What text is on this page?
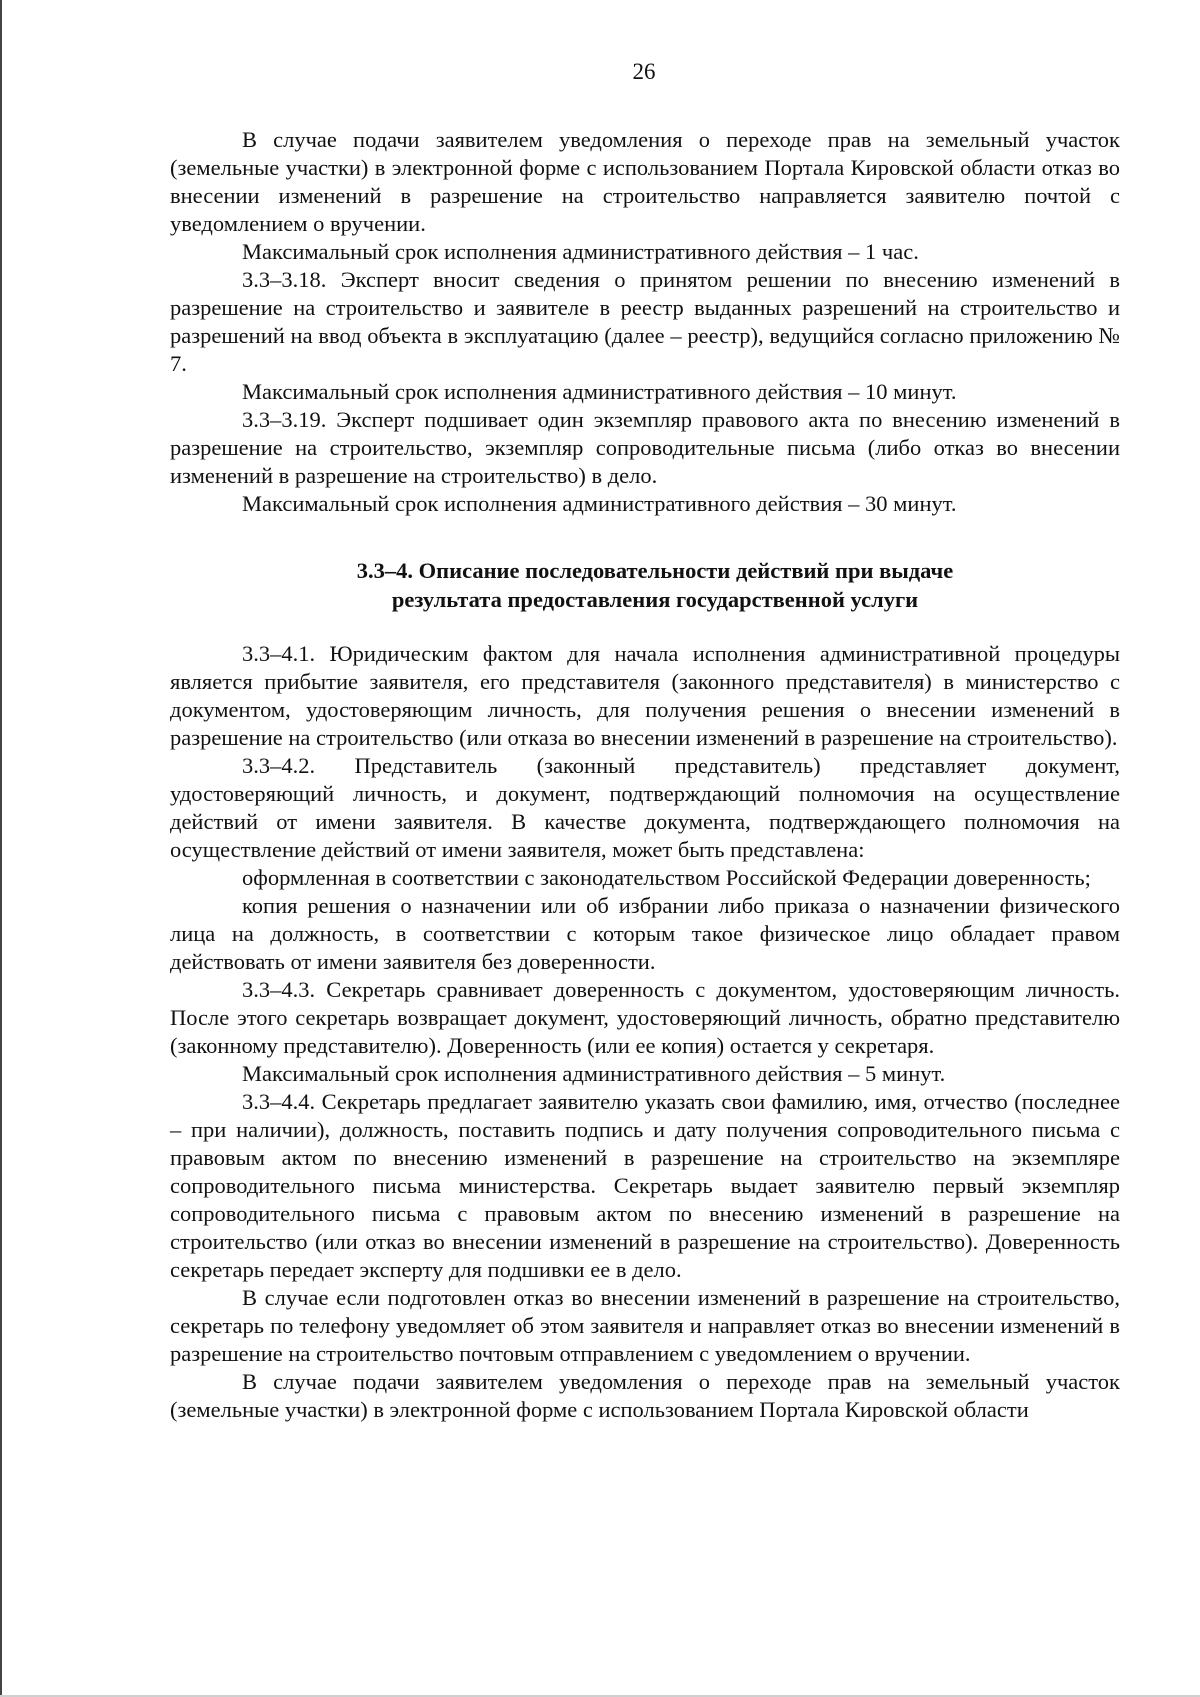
26

В случае подачи заявителем уведомления о переходе прав на земельный участок (земельные участки) в электронной форме с использованием Портала Кировской области отказ во внесении изменений в разрешение на строительство направляется заявителю почтой с уведомлением о вручении.

Максимальный срок исполнения административного действия – 1 час.

3.3–3.18. Эксперт вносит сведения о принятом решении по внесению изменений в разрешение на строительство и заявителе в реестр выданных разрешений на строительство и разрешений на ввод объекта в эксплуатацию (далее – реестр), ведущийся согласно приложению № 7.

Максимальный срок исполнения административного действия – 10 минут.

3.3–3.19. Эксперт подшивает один экземпляр правового акта по внесению изменений в разрешение на строительство, экземпляр сопроводительные письма (либо отказ во внесении изменений в разрешение на строительство) в дело.

Максимальный срок исполнения административного действия – 30 минут.

3.3–4. Описание последовательности действий при выдаче
результата предоставления государственной услуги

3.3–4.1. Юридическим фактом для начала исполнения административной процедуры является прибытие заявителя, его представителя (законного представителя) в министерство с документом, удостоверяющим личность, для получения решения о внесении изменений в разрешение на строительство (или отказа во внесении изменений в разрешение на строительство).

3.3–4.2. Представитель (законный представитель) представляет документ, удостоверяющий личность, и документ, подтверждающий полномочия на осуществление действий от имени заявителя. В качестве документа, подтверждающего полномочия на осуществление действий от имени заявителя, может быть представлена:

оформленная в соответствии с законодательством Российской Федерации доверенность;

копия решения о назначении или об избрании либо приказа о назначении физического лица на должность, в соответствии с которым такое физическое лицо обладает правом действовать от имени заявителя без доверенности.

3.3–4.3. Секретарь сравнивает доверенность с документом, удостоверяющим личность. После этого секретарь возвращает документ, удостоверяющий личность, обратно представителю (законному представителю). Доверенность (или ее копия) остается у секретаря.

Максимальный срок исполнения административного действия – 5 минут.

3.3–4.4. Секретарь предлагает заявителю указать свои фамилию, имя, отчество (последнее – при наличии), должность, поставить подпись и дату получения сопроводительного письма с правовым актом по внесению изменений в разрешение на строительство на экземпляре сопроводительного письма министерства. Секретарь выдает заявителю первый экземпляр сопроводительного письма с правовым актом по внесению изменений в разрешение на строительство (или отказ во внесении изменений в разрешение на строительство). Доверенность секретарь передает эксперту для подшивки ее в дело.

В случае если подготовлен отказ во внесении изменений в разрешение на строительство, секретарь по телефону уведомляет об этом заявителя и направляет отказ во внесении изменений в разрешение на строительство почтовым отправлением с уведомлением о вручении.

В случае подачи заявителем уведомления о переходе прав на земельный участок (земельные участки) в электронной форме с использованием Портала Кировской области
